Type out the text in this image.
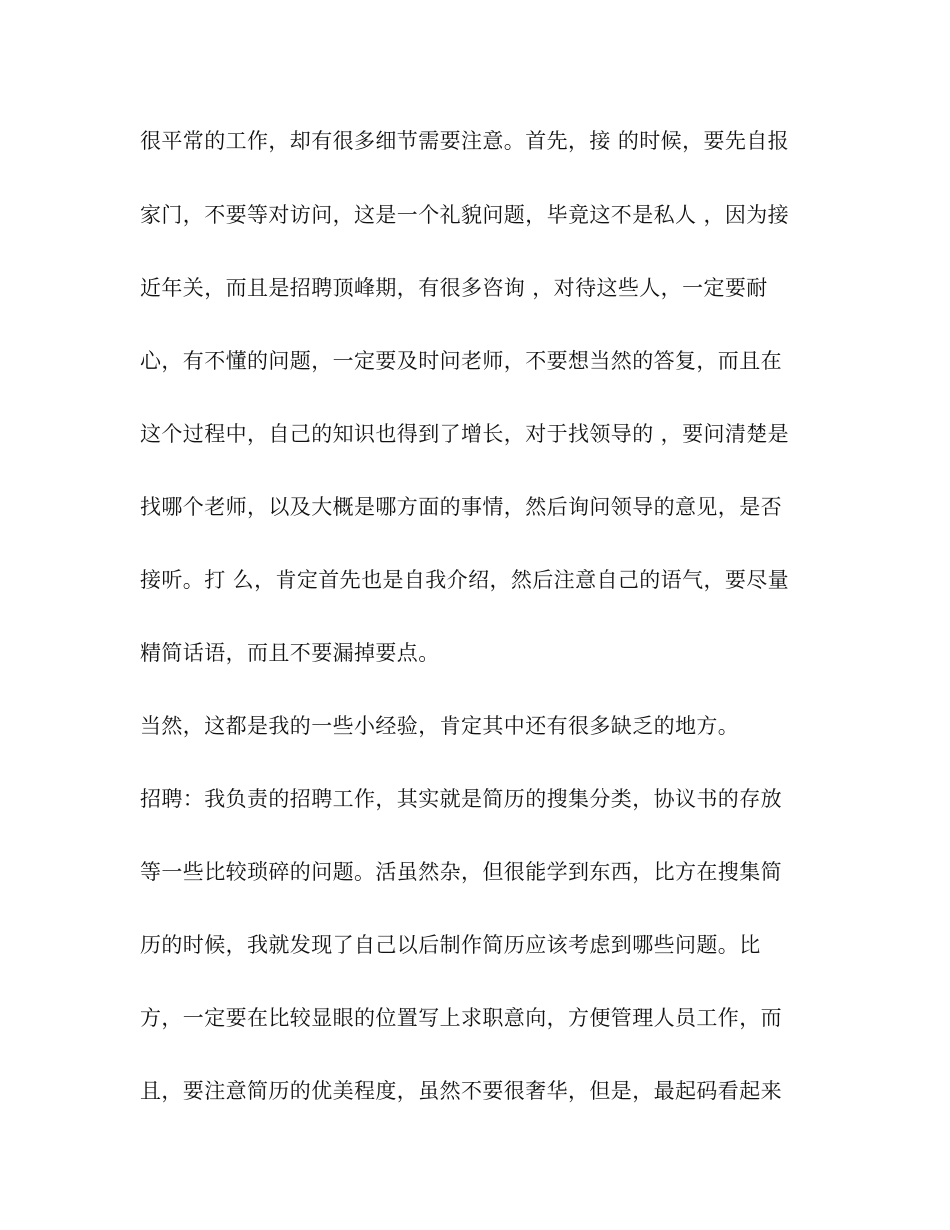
很平常的工作，却有很多细节需要注意。首先，接 的时候，要先自报

家门，不要等对访问，这是一个礼貌问题，毕竟这不是私人 ，因为接

近年关，而且是招聘顶峰期，有很多咨询 ，对待这些人，一定要耐

心，有不懂的问题，一定要及时问老师，不要想当然的答复，而且在

这个过程中，自己的知识也得到了增长，对于找领导的 ，要问清楚是

找哪个老师，以及大概是哪方面的事情，然后询问领导的意见，是否

接听。打 么，肯定首先也是自我介绍，然后注意自己的语气，要尽量

精简话语，而且不要漏掉要点。

当然，这都是我的一些小经验，肯定其中还有很多缺乏的地方。

招聘：我负责的招聘工作，其实就是简历的搜集分类，协议书的存放

等一些比较琐碎的问题。活虽然杂，但很能学到东西，比方在搜集简

历的时候，我就发现了自己以后制作简历应该考虑到哪些问题。比

方，一定要在比较显眼的位置写上求职意向，方便管理人员工作，而

且，要注意简历的优美程度，虽然不要很奢华，但是，最起码看起来
